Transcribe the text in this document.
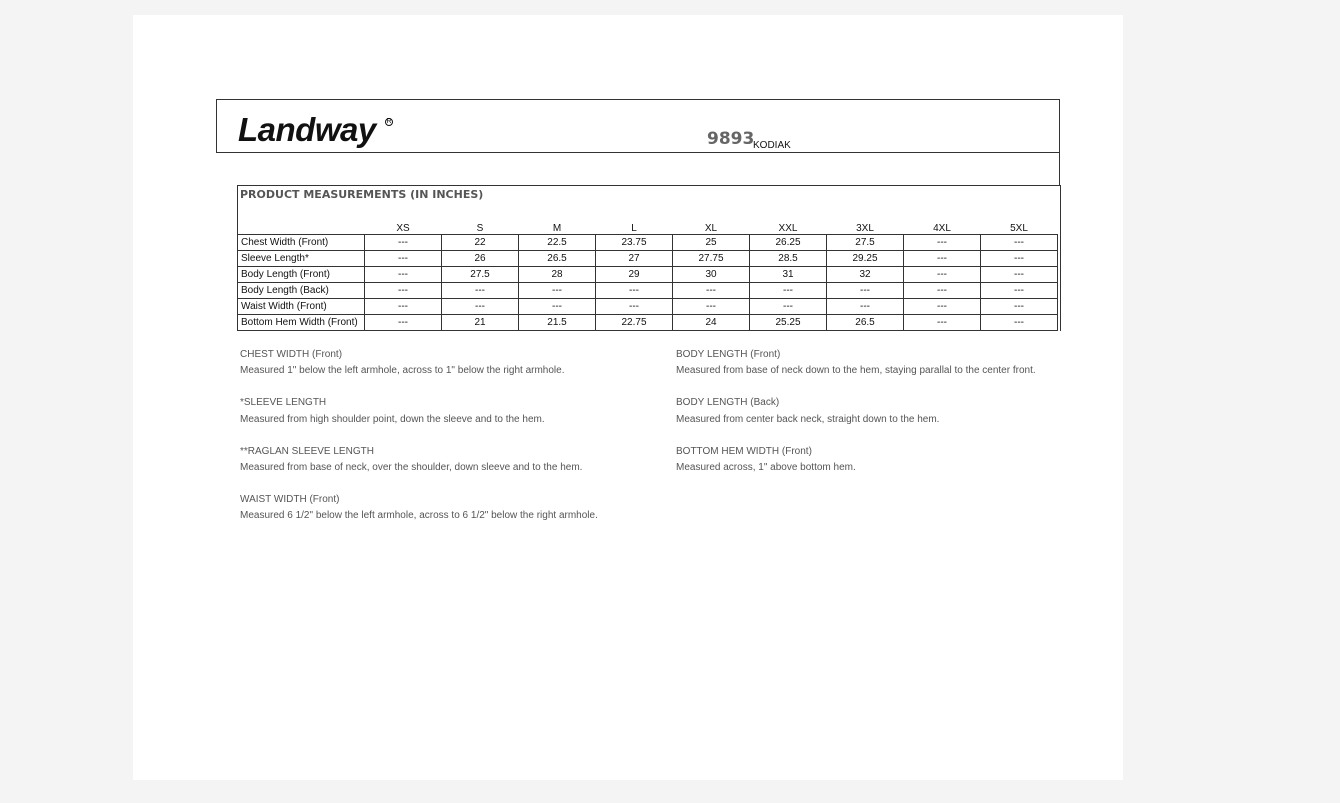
Landway R
9893
KODIAK
PRODUCT MEASUREMENTS (IN INCHES)
	XS	S	M	L	XL	XXL	3XL	4XL	5XL
Chest Width (Front)	---	22	22.5	23.75	25	26.25	27.5	---	---
Sleeve Length*	---	26	26.5	27	27.75	28.5	29.25	---	---
Body Length (Front)	---	27.5	28	29	30	31	32	---	---
Body Length (Back)	---	---	---	---	---	---	---	---	---
Waist Width (Front)	---	---	---	---	---	---	---	---	---
Bottom Hem Width (Front)	---	21	21.5	22.75	24	25.25	26.5	---	---
CHEST WIDTH (Front)
Measured 1" below the left armhole, across to 1" below the right armhole.
*SLEEVE LENGTH
Measured from high shoulder point, down the sleeve and to the hem.
**RAGLAN SLEEVE LENGTH
Measured from base of neck, over the shoulder, down sleeve and to the hem.
WAIST WIDTH (Front)
Measured 6 1/2" below the left armhole, across to 6 1/2" below the right armhole.
BODY LENGTH (Front)
Measured from base of neck down to the hem, staying parallal to the center front.
BODY LENGTH (Back)
Measured from center back neck, straight down to the hem.
BOTTOM HEM WIDTH (Front)
Measured across, 1" above bottom hem.
